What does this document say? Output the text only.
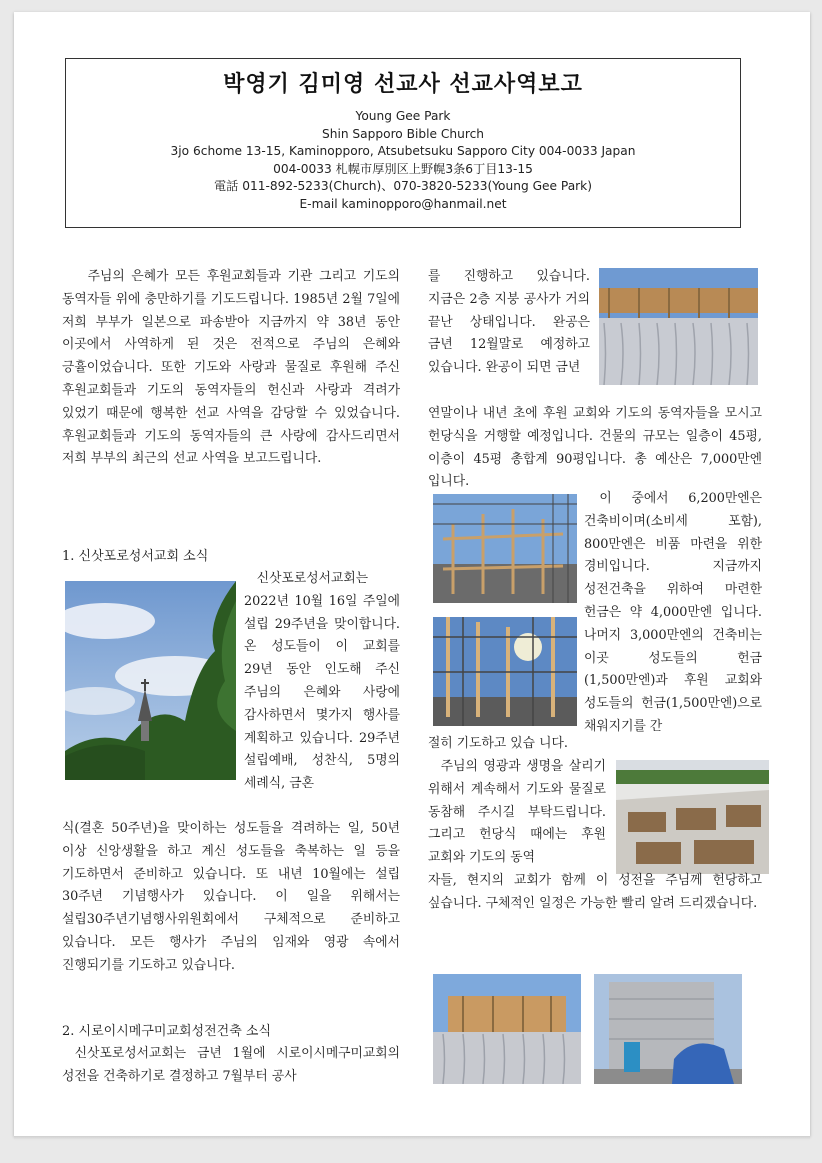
박영기 김미영 선교사 선교사역보고
Young Gee Park
Shin Sapporo Bible Church
3jo 6chome 13-15, Kaminopporo, Atsubetsuku Sapporo City 004-0033 Japan
004-0033 札幌市厚別区上野幌3条6丁目13-15
電話 011-892-5233(Church)、070-3820-5233(Young Gee Park)
E-mail kaminopporo@hanmail.net
주님의 은혜가 모든 후원교회들과 기관 그리고 기도의 동역자들 위에 충만하기를 기도드립니다. 1985년 2월 7일에 저희 부부가 일본으로 파송받아 지금까지 약 38년 동안 이곳에서 사역하게 된 것은 전적으로 주님의 은혜와 긍휼이었습니다. 또한 기도와 사랑과 물질로 후원해 주신 후원교회들과 기도의 동역자들의 헌신과 사랑과 격려가 있었기 때문에 행복한 선교 사역을 감당할 수 있었습니다. 후원교회들과 기도의 동역자들의 큰 사랑에 감사드리면서 저희 부부의 최근의 선교 사역을 보고드립니다.
1. 신삿포로성서교회 소식
신삿포로성서교회는 2022년 10월 16일 주일에 설립 29주년을 맞이합니다. 온 성도들이 이 교회를 29년 동안 인도해 주신 주님의 은혜와 사랑에 감사하면서 몇가지 행사를 계획하고 있습니다. 29주년 설립예배, 성찬식, 5명의 세례식, 금혼
식(결혼 50주년)을 맞이하는 성도들을 격려하는 일, 50년 이상 신앙생활을 하고 계신 성도들을 축복하는 일 등을 기도하면서 준비하고 있습니다. 또 내년 10월에는 설립 30주년 기념행사가 있습니다. 이 일을 위해서는 설립30주년기념행사위원회에서 구체적으로 준비하고 있습니다. 모든 행사가 주님의 임재와 영광 속에서 진행되기를 기도하고 있습니다.
2. 시로이시메구미교회성전건축 소식
신삿포로성서교회는 금년 1월에 시로이시메구미교회의 성전을 건축하기로 결정하고 7월부터 공사
를 진행하고 있습니다. 지금은 2층 지붕 공사가 거의 끝난 상태입니다. 완공은 금년 12월말로 예정하고 있습니다. 완공이 되면 금년
연말이나 내년 초에 후원 교회와 기도의 동역자들을 모시고 헌당식을 거행할 예정입니다. 건물의 규모는 일층이 45평, 이층이 45평 총합계 90평입니다. 총 예산은 7,000만엔 입니다.
이 중에서 6,200만엔은 건축비이며(소비세 포함), 800만엔은 비품 마련을 위한 경비입니다. 지금까지 성전건축을 위하여 마련한 헌금은 약 4,000만엔 입니다. 나머지 3,000만엔의 건축비는 이곳 성도들의 헌금(1,500만엔)과 후원 교회와 성도들의 헌금(1,500만엔)으로 채워지기를 간
절히 기도하고 있습 니다.
주님의 영광과 생명을 살리기 위해서 계속해서 기도와 물질로 동참해 주시길 부탁드립니다. 그리고 헌당식 때에는 후원 교회와 기도의 동역
자들, 현지의 교회가 함께 이 성전을 주님께 헌당하고 싶습니다. 구체적인 일정은 가능한 빨리 알려 드리겠습니다.
